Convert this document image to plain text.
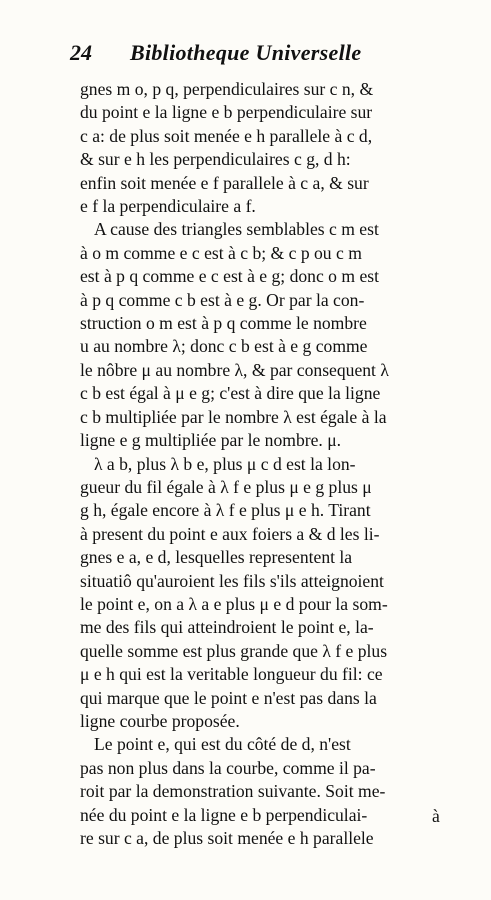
24	Bibliotheque Universelle
gnes m o, p q, perpendiculaires sur c n, &
du point e la ligne e b perpendiculaire sur
c a: de plus soit menée e h parallele à c d,
& sur e h les perpendiculaires c g, d h:
enfin soit menée e f parallele à c a, & sur
e f la perpendiculaire a f.
A cause des triangles semblables c m est
à o m comme e c est à c b; & c p ou c m
est à p q comme e c est à e g; donc o m est
à p q comme c b est à e g. Or par la con-
struction o m est à p q comme le nombre
u au nombre λ; donc c b est à e g comme
le nôbre μ au nombre λ, & par consequent λ
c b est égal à μ e g; c'est à dire que la ligne
c b multipliée par le nombre λ est égale à la
ligne e g multipliée par le nombre. μ.
λ a b, plus λ b e, plus μ c d est la lon-
gueur du fil égale à λ f e plus μ e g plus μ
g h, égale encore à λ f e plus μ e h. Tirant
à present du point e aux foiers a & d les li-
gnes e a, e d, lesquelles representent la
situatiô qu'auroient les fils s'ils atteignoient
le point e, on a λ a e plus μ e d pour la som-
me des fils qui atteindroient le point e, la-
quelle somme est plus grande que λ f e plus
μ e h qui est la veritable longueur du fil: ce
qui marque que le point e n'est pas dans la
ligne courbe proposée.
Le point e, qui est du côté de d, n'est
pas non plus dans la courbe, comme il pa-
roit par la demonstration suivante. Soit me-
née du point e la ligne e b perpendiculai-
re sur c a, de plus soit menée e h parallele
à
